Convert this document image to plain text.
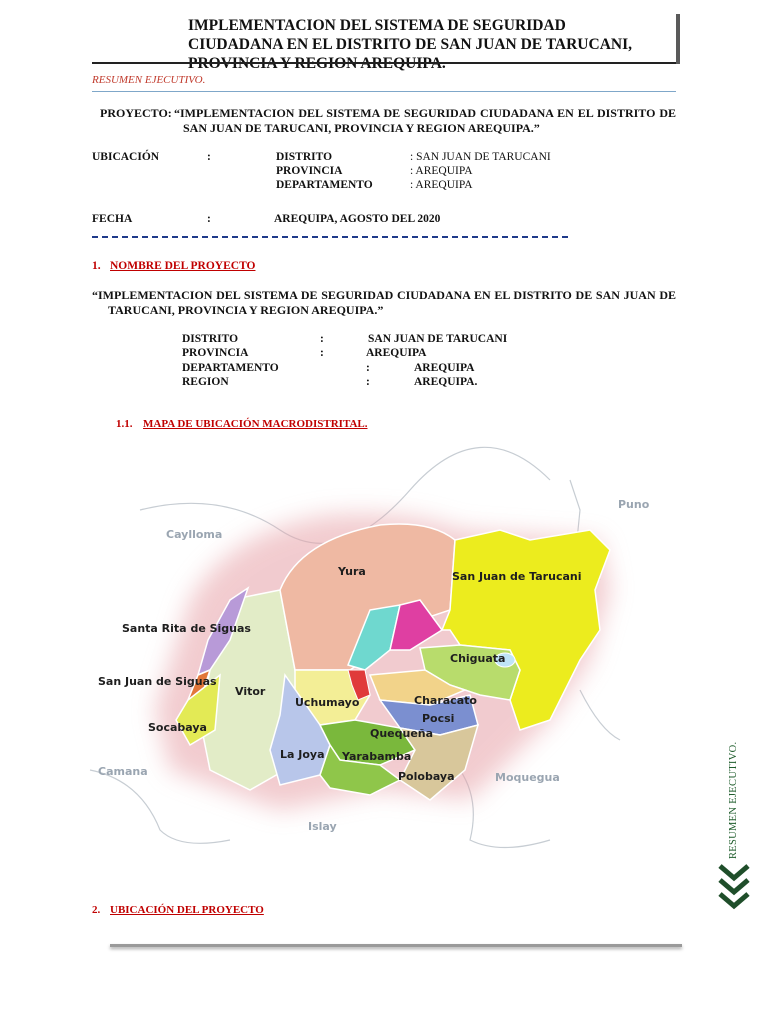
IMPLEMENTACION DEL SISTEMA DE SEGURIDAD CIUDADANA EN EL DISTRITO DE SAN JUAN DE TARUCANI, PROVINCIA Y REGION AREQUIPA.

RESUMEN EJECUTIVO.
PROYECTO: “IMPLEMENTACION DEL SISTEMA DE SEGURIDAD CIUDADANA EN EL DISTRITO DE
SAN JUAN DE TARUCANI, PROVINCIA Y REGION AREQUIPA.”
UBICACIÓN	:	DISTRITO	: SAN JUAN DE TARUCANI
PROVINCIA	: AREQUIPA
DEPARTAMENTO	: AREQUIPA
FECHA	:	AREQUIPA, AGOSTO DEL 2020
1. NOMBRE DEL PROYECTO
“IMPLEMENTACION DEL SISTEMA DE SEGURIDAD CIUDADANA EN EL DISTRITO DE SAN JUAN DE
TARUCANI, PROVINCIA Y REGION AREQUIPA.”
DISTRITO	:	SAN JUAN DE TARUCANI
PROVINCIA	:	AREQUIPA
DEPARTAMENTO	:	AREQUIPA
REGION	:	AREQUIPA.
1.1. MAPA DE UBICACIÓN MACRODISTRITAL.
Caylloma
Puno
Camana	Moquegua
Islay
Yura	San Juan de Tarucani
Santa Rita de Siguas
San Juan de Siguas
Vitor
Chiguata
Uchumayo	Characato
Pocsi
Socabaya	Quequeña
La Joya Yarabamba
Polobaya
2. UBICACIÓN DEL PROYECTO
RESUMEN EJECUTIVO.
